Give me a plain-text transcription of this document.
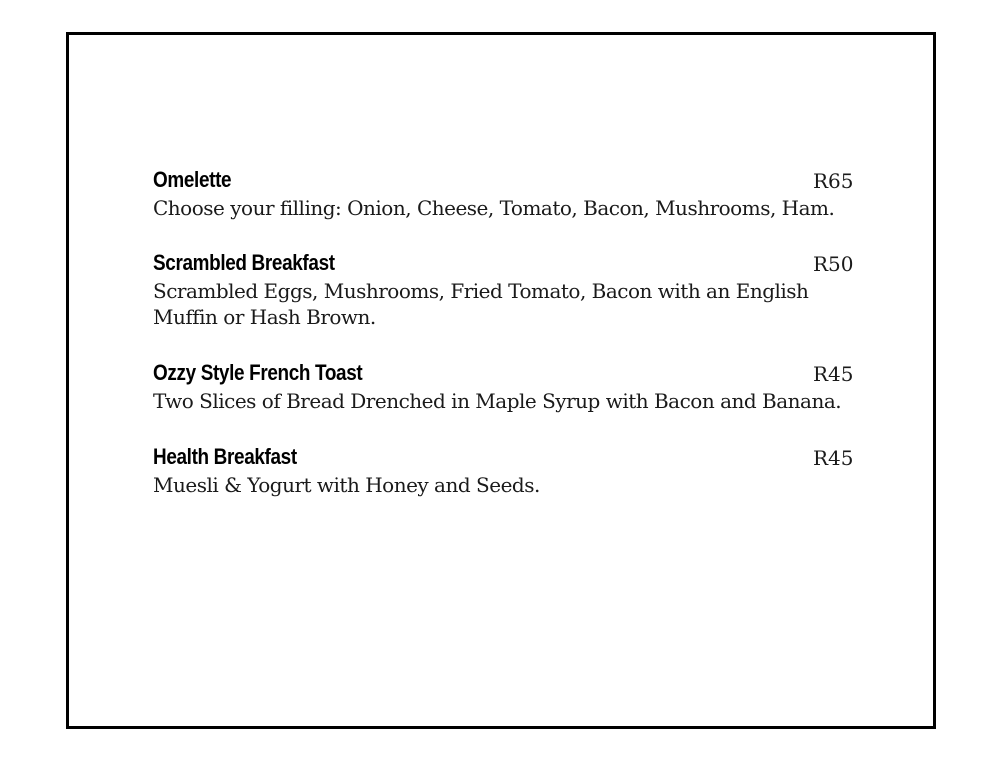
Omelette	R65

Choose your filling: Onion, Cheese, Tomato, Bacon, Mushrooms, Ham.

Scrambled Breakfast	R50

Scrambled Eggs, Mushrooms, Fried Tomato, Bacon with an English Muffin or Hash Brown.

Ozzy Style French Toast	R45

Two Slices of Bread Drenched in Maple Syrup with Bacon and Banana.

Health Breakfast	R45

Muesli & Yogurt with Honey and Seeds.
